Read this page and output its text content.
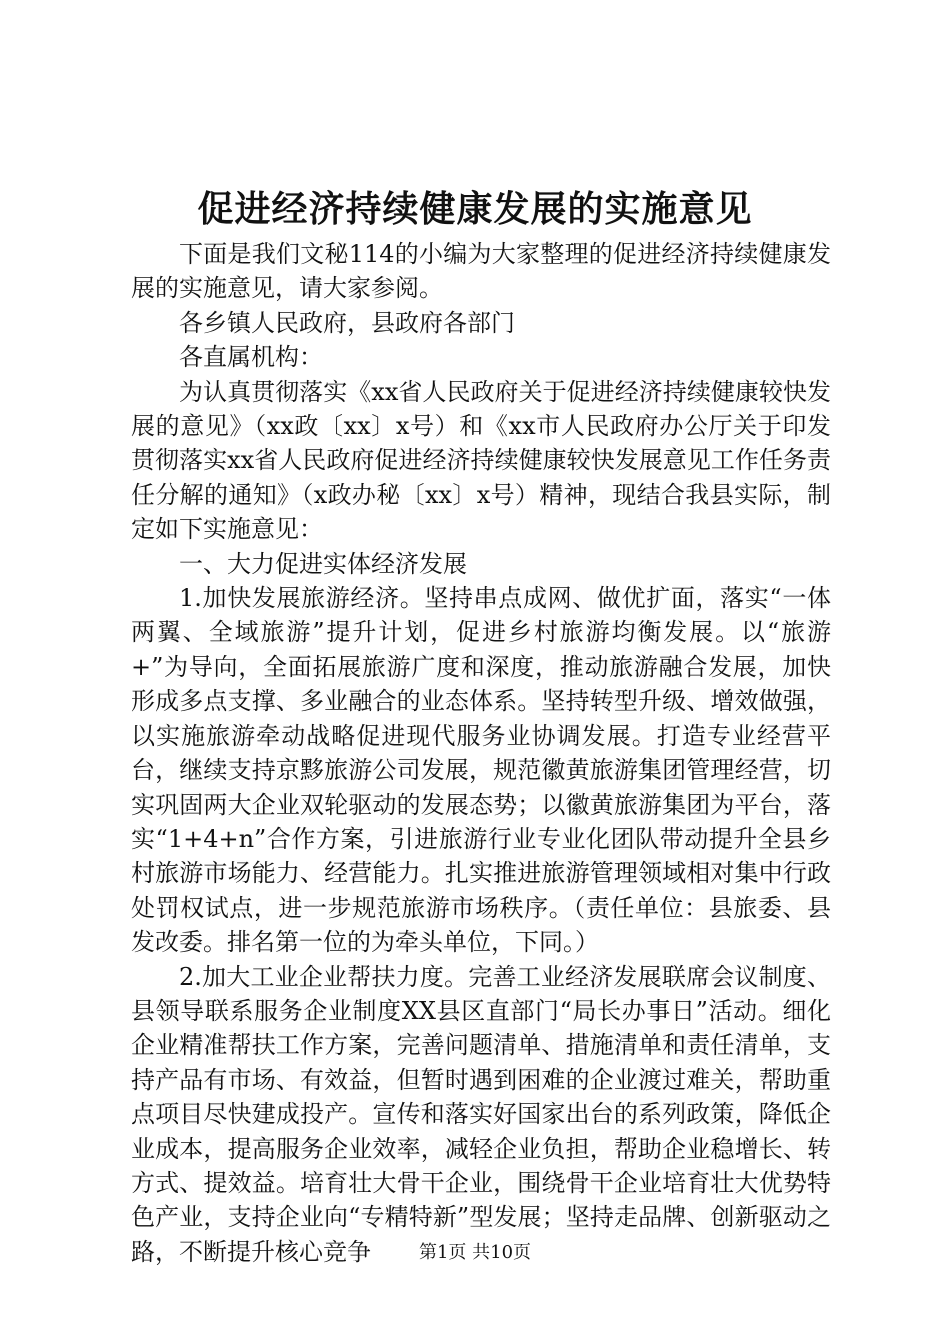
促进经济持续健康发展的实施意见

下面是我们文秘114的小编为大家整理的促进经济持续健康发展的实施意见，请大家参阅。

各乡镇人民政府，县政府各部门

各直属机构：

为认真贯彻落实《xx省人民政府关于促进经济持续健康较快发展的意见》（xx政〔xx〕x号）和《xx市人民政府办公厅关于印发贯彻落实xx省人民政府促进经济持续健康较快发展意见工作任务责任分解的通知》（x政办秘〔xx〕x号）精神，现结合我县实际，制定如下实施意见：

一、大力促进实体经济发展

1.加快发展旅游经济。坚持串点成网、做优扩面，落实“一体两翼、全域旅游”提升计划，促进乡村旅游均衡发展。以“旅游+”为导向，全面拓展旅游广度和深度，推动旅游融合发展，加快形成多点支撑、多业融合的业态体系。坚持转型升级、增效做强，以实施旅游牵动战略促进现代服务业协调发展。打造专业经营平台，继续支持京黟旅游公司发展，规范徽黄旅游集团管理经营，切实巩固两大企业双轮驱动的发展态势；以徽黄旅游集团为平台，落实“1+4+n”合作方案，引进旅游行业专业化团队带动提升全县乡村旅游市场能力、经营能力。扎实推进旅游管理领域相对集中行政处罚权试点，进一步规范旅游市场秩序。（责任单位：县旅委、县发改委。排名第一位的为牵头单位，下同。）

2.加大工业企业帮扶力度。完善工业经济发展联席会议制度、县领导联系服务企业制度XX县区直部门“局长办事日”活动。细化企业精准帮扶工作方案，完善问题清单、措施清单和责任清单，支持产品有市场、有效益，但暂时遇到困难的企业渡过难关，帮助重点项目尽快建成投产。宣传和落实好国家出台的系列政策，降低企业成本，提高服务企业效率，减轻企业负担，帮助企业稳增长、转方式、提效益。培育壮大骨干企业，围绕骨干企业培育壮大优势特色产业，支持企业向“专精特新”型发展；坚持走品牌、创新驱动之路，不断提升核心竞争	第1页 共10页
